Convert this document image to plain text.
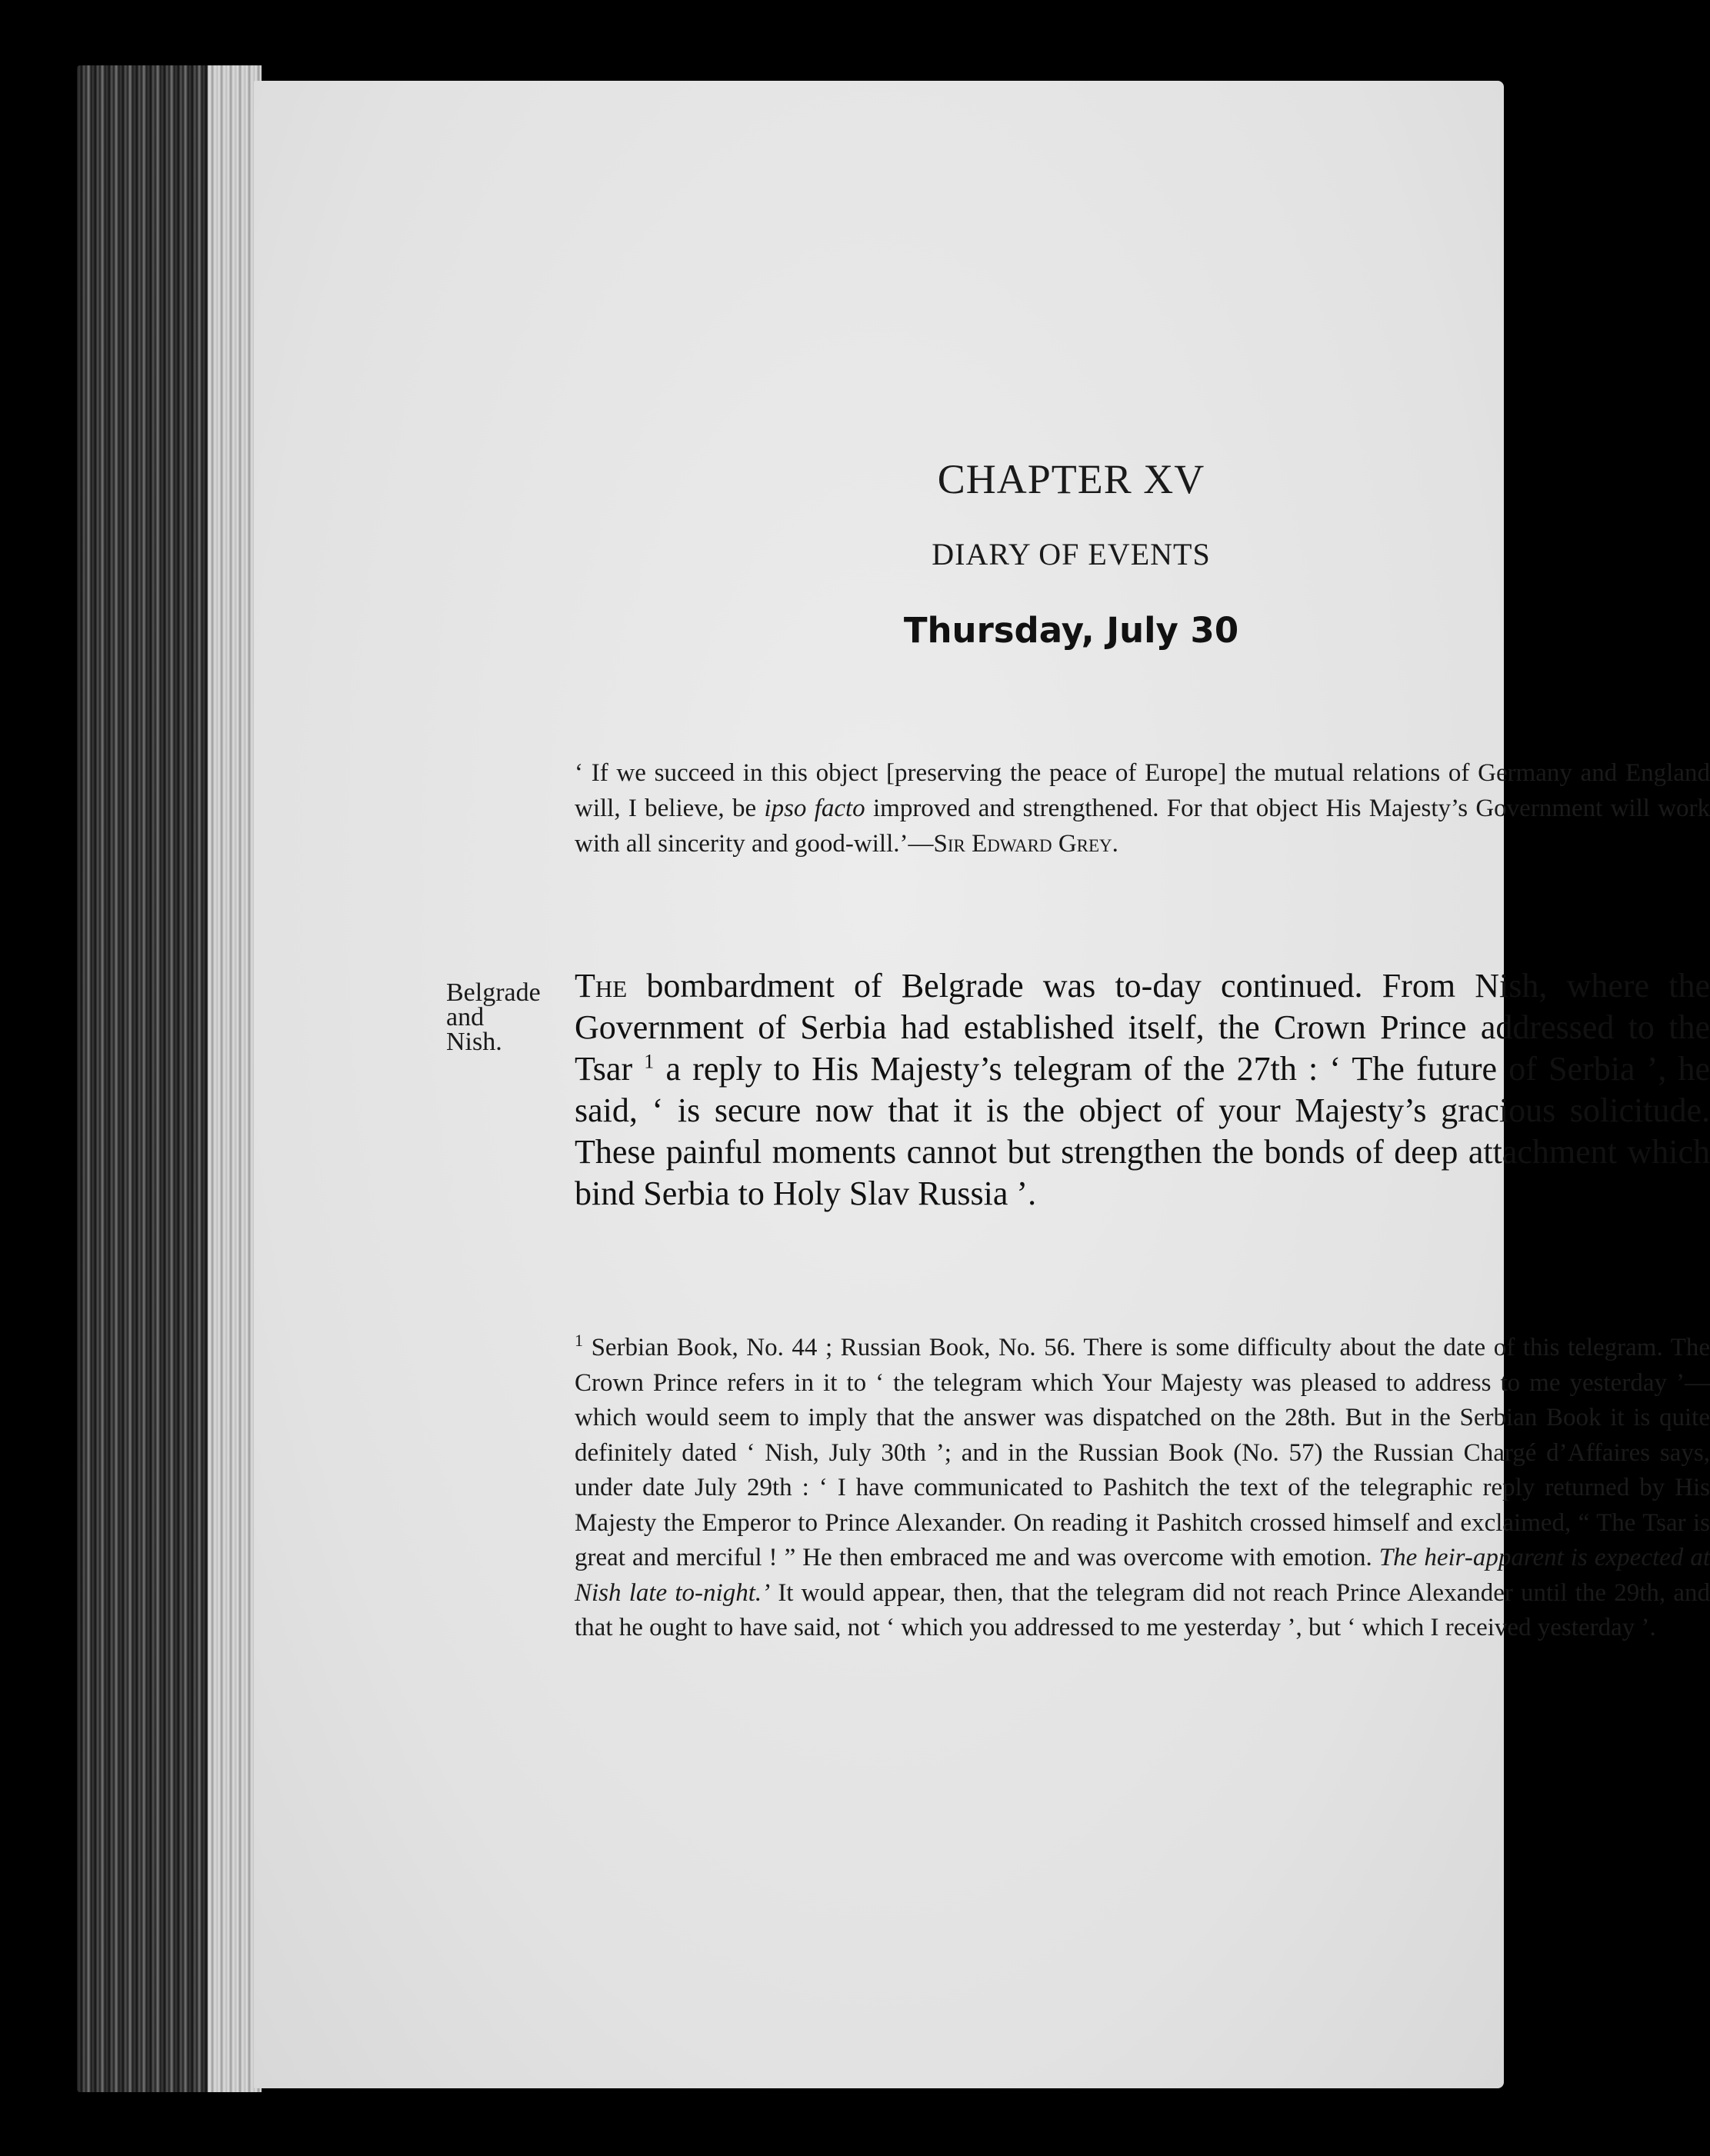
CHAPTER XV
DIARY OF EVENTS
Thursday, July 30
‘ If we succeed in this object [preserving the peace of Europe] the mutual relations of Germany and England will, I believe, be ipso facto improved and strengthened. For that object His Majesty’s Government will work with all sincerity and good-will.’—Sir Edward Grey.
Belgrade
and
Nish.
The bombardment of Belgrade was to-day continued. From Nish, where the Government of Serbia had established itself, the Crown Prince addressed to the Tsar $^1$ a reply to His Majesty’s telegram of the 27th : ‘ The future of Serbia ’, he said, ‘ is secure now that it is the object of your Majesty’s gracious solicitude. These painful moments cannot but strengthen the bonds of deep attachment which bind Serbia to Holy Slav Russia ’.
$^1$ Serbian Book, No. 44 ; Russian Book, No. 56. There is some difficulty about the date of this telegram. The Crown Prince refers in it to ‘ the telegram which Your Majesty was pleased to address to me yesterday ’—which would seem to imply that the answer was dispatched on the 28th. But in the Serbian Book it is quite definitely dated ‘ Nish, July 30th ’; and in the Russian Book (No. 57) the Russian Chargé d’Affaires says, under date July 29th : ‘ I have communicated to Pashitch the text of the telegraphic reply returned by His Majesty the Emperor to Prince Alexander. On reading it Pashitch crossed himself and exclaimed, “ The Tsar is great and merciful ! ” He then embraced me and was overcome with emotion. The heir-apparent is expected at Nish late to-night.’ It would appear, then, that the telegram did not reach Prince Alexander until the 29th, and that he ought to have said, not ‘ which you addressed to me yesterday ’, but ‘ which I received yesterday ’.
